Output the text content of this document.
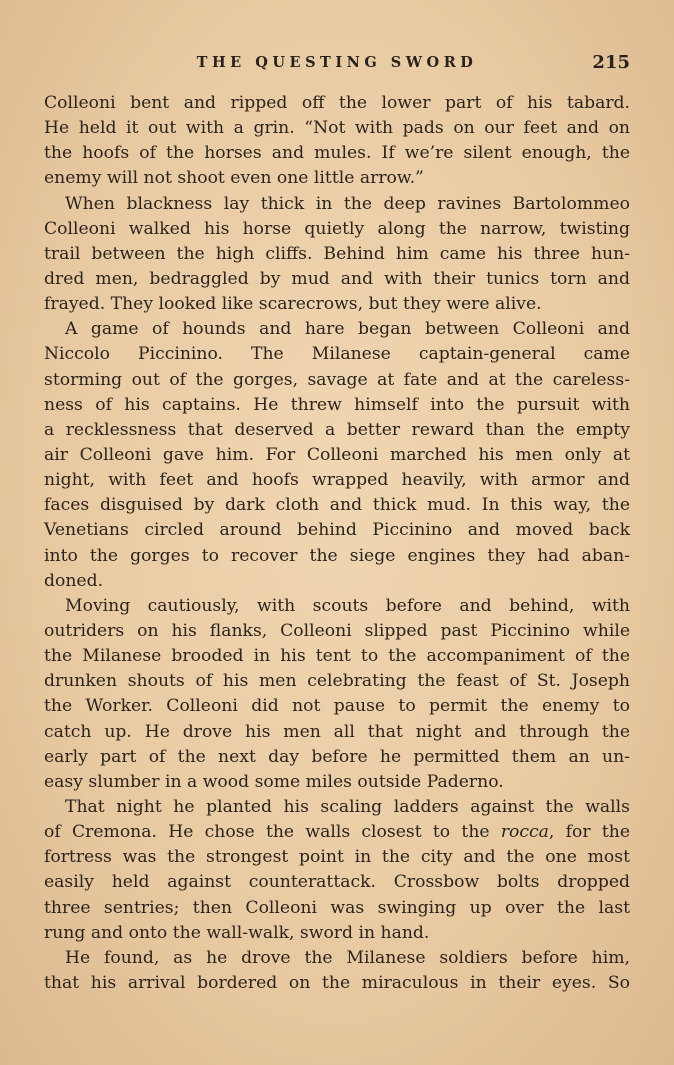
THE QUESTING SWORD	215
Colleoni bent and ripped off the lower part of his tabard.
He held it out with a grin. “Not with pads on our feet and on
the hoofs of the horses and mules. If we’re silent enough, the
enemy will not shoot even one little arrow.”
When blackness lay thick in the deep ravines Bartolommeo
Colleoni walked his horse quietly along the narrow, twisting
trail between the high cliffs. Behind him came his three hun-
dred men, bedraggled by mud and with their tunics torn and
frayed. They looked like scarecrows, but they were alive.
A game of hounds and hare began between Colleoni and
Niccolo Piccinino. The Milanese captain-general came
storming out of the gorges, savage at fate and at the careless-
ness of his captains. He threw himself into the pursuit with
a recklessness that deserved a better reward than the empty
air Colleoni gave him. For Colleoni marched his men only at
night, with feet and hoofs wrapped heavily, with armor and
faces disguised by dark cloth and thick mud. In this way, the
Venetians circled around behind Piccinino and moved back
into the gorges to recover the siege engines they had aban-
doned.
Moving cautiously, with scouts before and behind, with
outriders on his flanks, Colleoni slipped past Piccinino while
the Milanese brooded in his tent to the accompaniment of the
drunken shouts of his men celebrating the feast of St. Joseph
the Worker. Colleoni did not pause to permit the enemy to
catch up. He drove his men all that night and through the
early part of the next day before he permitted them an un-
easy slumber in a wood some miles outside Paderno.
That night he planted his scaling ladders against the walls
of Cremona. He chose the walls closest to the rocca, for the
fortress was the strongest point in the city and the one most
easily held against counterattack. Crossbow bolts dropped
three sentries; then Colleoni was swinging up over the last
rung and onto the wall-walk, sword in hand.
He found, as he drove the Milanese soldiers before him,
that his arrival bordered on the miraculous in their eyes. So
